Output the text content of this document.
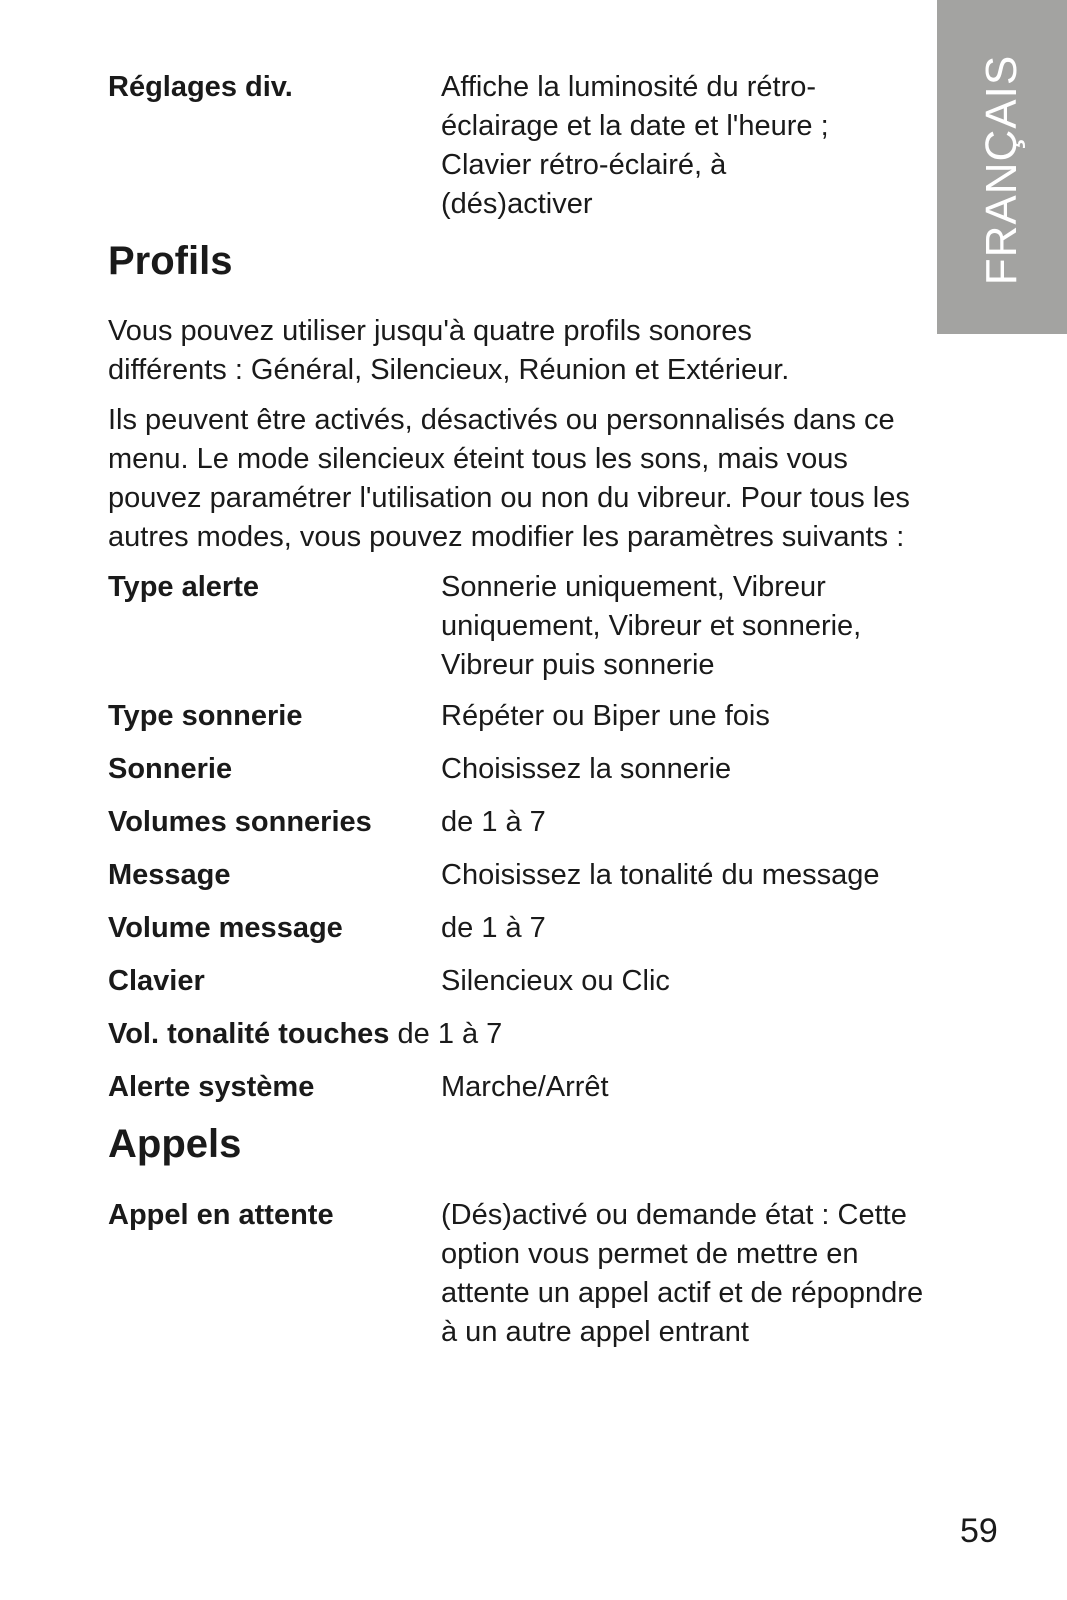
FRANÇAIS
Réglages div.	Affiche la luminosité du rétro-
éclairage et la date et l'heure ;
Clavier rétro-éclairé, à
(dés)activer
Profils
Vous pouvez utiliser jusqu'à quatre profils sonores
différents : Général, Silencieux, Réunion et Extérieur.
Ils peuvent être activés, désactivés ou personnalisés dans ce
menu. Le mode silencieux éteint tous les sons, mais vous
pouvez paramétrer l'utilisation ou non du vibreur. Pour tous les
autres modes, vous pouvez modifier les paramètres suivants :
Type alerte	Sonnerie uniquement, Vibreur
uniquement, Vibreur et sonnerie,
Vibreur puis sonnerie
Type sonnerie	Répéter ou Biper une fois
Sonnerie	Choisissez la sonnerie
Volumes sonneries de 1 à 7
Message	Choisissez la tonalité du message
Volume message	de 1 à 7
Clavier	Silencieux ou Clic
Vol. tonalité touches de 1 à 7
Alerte système	Marche/Arrêt
Appels
Appel en attente	(Dés)activé ou demande état : Cette
option vous permet de mettre en
attente un appel actif et de répopndre
à un autre appel entrant
59
